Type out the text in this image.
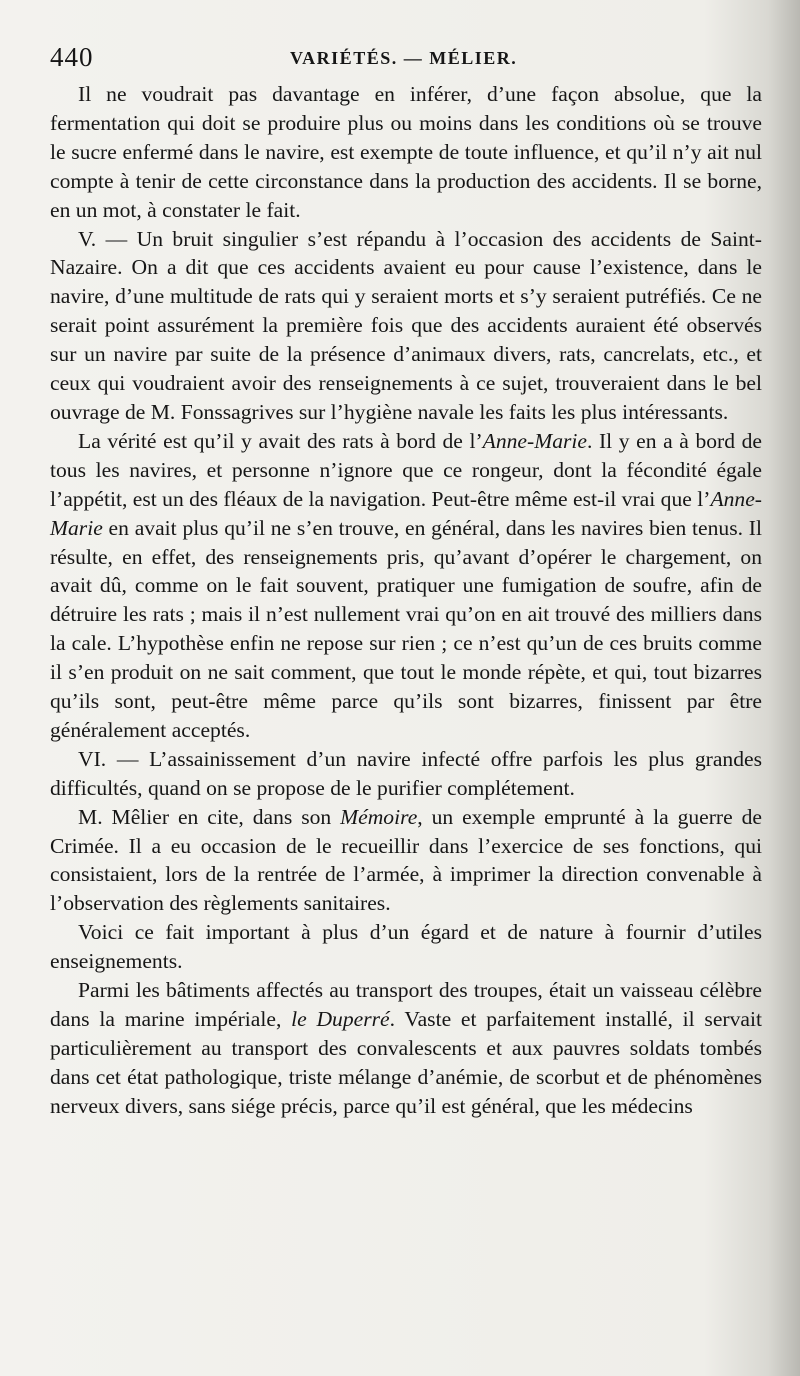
440	VARIÉTÉS. — MÉLIER.

Il ne voudrait pas davantage en inférer, d’une façon absolue, que la fermentation qui doit se produire plus ou moins dans les conditions où se trouve le sucre enfermé dans le navire, est exempte de toute influence, et qu’il n’y ait nul compte à tenir de cette circonstance dans la production des accidents. Il se borne, en un mot, à constater le fait.

V. — Un bruit singulier s’est répandu à l’occasion des accidents de Saint-Nazaire. On a dit que ces accidents avaient eu pour cause l’existence, dans le navire, d’une multitude de rats qui y seraient morts et s’y seraient putréfiés. Ce ne serait point assurément la première fois que des accidents auraient été observés sur un navire par suite de la présence d’animaux divers, rats, cancrelats, etc., et ceux qui voudraient avoir des renseignements à ce sujet, trouveraient dans le bel ouvrage de M. Fonssagrives sur l’hygiène navale les faits les plus intéressants.

La vérité est qu’il y avait des rats à bord de l’Anne-Marie. Il y en a à bord de tous les navires, et personne n’ignore que ce rongeur, dont la fécondité égale l’appétit, est un des fléaux de la navigation. Peut-être même est-il vrai que l’Anne-Marie en avait plus qu’il ne s’en trouve, en général, dans les navires bien tenus. Il résulte, en effet, des renseignements pris, qu’avant d’opérer le chargement, on avait dû, comme on le fait souvent, pratiquer une fumigation de soufre, afin de détruire les rats ; mais il n’est nullement vrai qu’on en ait trouvé des milliers dans la cale. L’hypothèse enfin ne repose sur rien ; ce n’est qu’un de ces bruits comme il s’en produit on ne sait comment, que tout le monde répète, et qui, tout bizarres qu’ils sont, peut-être même parce qu’ils sont bizarres, finissent par être généralement acceptés.

VI. — L’assainissement d’un navire infecté offre parfois les plus grandes difficultés, quand on se propose de le purifier complétement.

M. Mêlier en cite, dans son Mémoire, un exemple emprunté à la guerre de Crimée. Il a eu occasion de le recueillir dans l’exercice de ses fonctions, qui consistaient, lors de la rentrée de l’armée, à imprimer la direction convenable à l’observation des règlements sanitaires.

Voici ce fait important à plus d’un égard et de nature à fournir d’utiles enseignements.

Parmi les bâtiments affectés au transport des troupes, était un vaisseau célèbre dans la marine impériale, le Duperré. Vaste et parfaitement installé, il servait particulièrement au transport des convalescents et aux pauvres soldats tombés dans cet état pathologique, triste mélange d’anémie, de scorbut et de phénomènes nerveux divers, sans siége précis, parce qu’il est général, que les médecins
